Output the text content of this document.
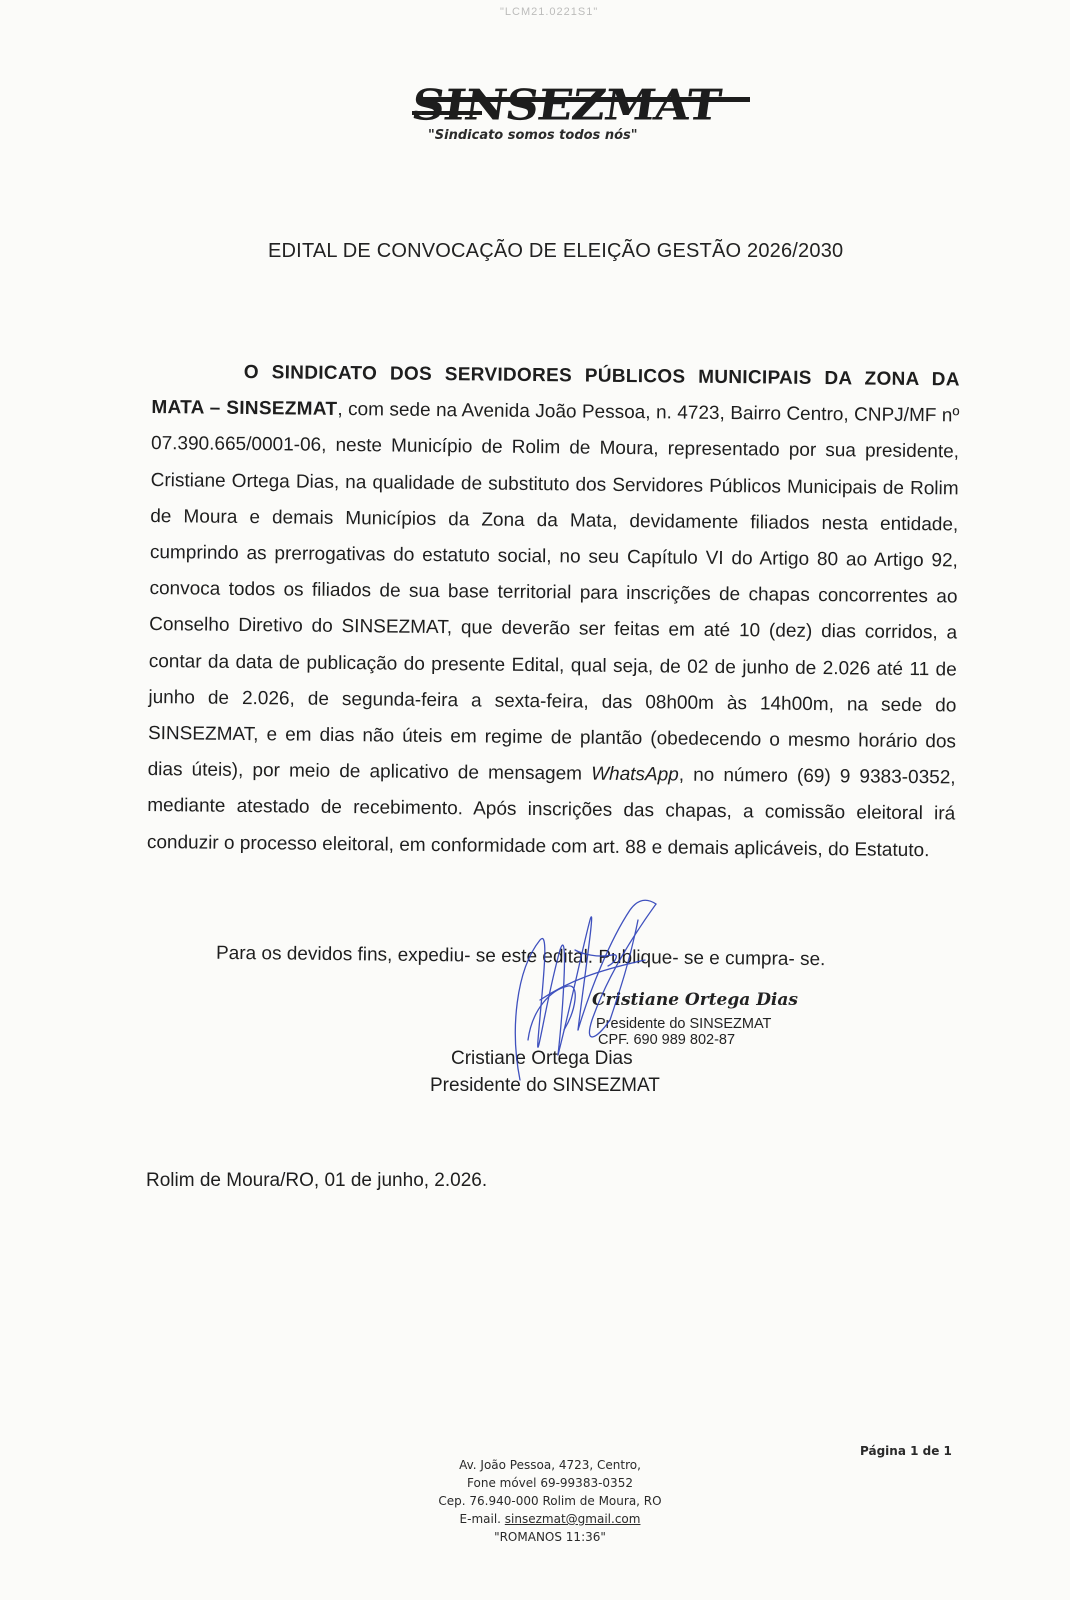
"LCM21.0221S1"
SINSEZMAT
"Sindicato somos todos nós"
EDITAL DE CONVOCAÇÃO DE ELEIÇÃO GESTÃO 2026/2030
O SINDICATO DOS SERVIDORES PÚBLICOS MUNICIPAIS DA ZONA DA MATA – SINSEZMAT, com sede na Avenida João Pessoa, n. 4723, Bairro Centro, CNPJ/MF nº 07.390.665/0001-06, neste Município de Rolim de Moura, representado por sua presidente, Cristiane Ortega Dias, na qualidade de substituto dos Servidores Públicos Municipais de Rolim de Moura e demais Municípios da Zona da Mata, devidamente filiados nesta entidade, cumprindo as prerrogativas do estatuto social, no seu Capítulo VI do Artigo 80 ao Artigo 92, convoca todos os filiados de sua base territorial para inscrições de chapas concorrentes ao Conselho Diretivo do SINSEZMAT, que deverão ser feitas em até 10 (dez) dias corridos, a contar da data de publicação do presente Edital, qual seja, de 02 de junho de 2.026 até 11 de junho de 2.026, de segunda-feira a sexta-feira, das 08h00m às 14h00m, na sede do SINSEZMAT, e em dias não úteis em regime de plantão (obedecendo o mesmo horário dos dias úteis), por meio de aplicativo de mensagem WhatsApp, no número (69) 9 9383-0352, mediante atestado de recebimento. Após inscrições das chapas, a comissão eleitoral irá conduzir o processo eleitoral, em conformidade com art. 88 e demais aplicáveis, do Estatuto.
Para os devidos fins, expediu- se este edital. Publique- se e cumpra- se.
Cristiane Ortega Dias
Presidente do SINSEZMAT
CPF. 690 989 802-87
Cristiane Ortega Dias
Presidente do SINSEZMAT
Rolim de Moura/RO, 01 de junho, 2.026.
Página 1 de 1
Av. João Pessoa, 4723, Centro,
Fone móvel 69-99383-0352
Cep. 76.940-000 Rolim de Moura, RO
E-mail. sinsezmat@gmail.com
"ROMANOS 11:36"
